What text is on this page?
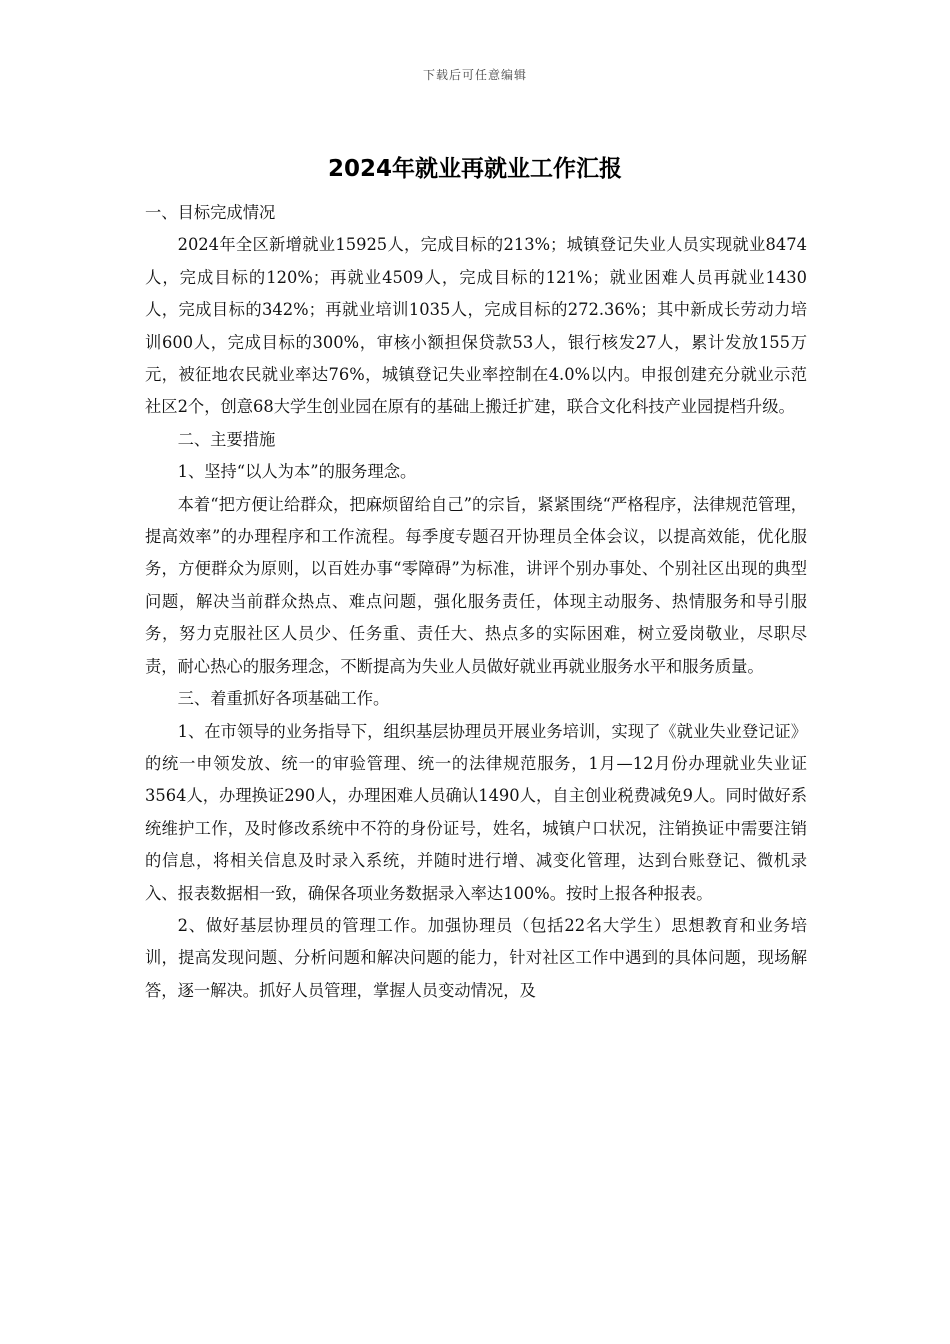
下载后可任意编辑
2024年就业再就业工作汇报

一、目标完成情况

2024年全区新增就业15925人，完成目标的213%；城镇登记失业人员实现就业8474人，完成目标的120%；再就业4509人，完成目标的121%；就业困难人员再就业1430人，完成目标的342%；再就业培训1035人，完成目标的272.36%；其中新成长劳动力培训600人，完成目标的300%，审核小额担保贷款53人，银行核发27人，累计发放155万元，被征地农民就业率达76%，城镇登记失业率控制在4.0%以内。申报创建充分就业示范社区2个，创意68大学生创业园在原有的基础上搬迁扩建，联合文化科技产业园提档升级。

二、主要措施

1、坚持“以人为本”的服务理念。

本着“把方便让给群众，把麻烦留给自己”的宗旨，紧紧围绕“严格程序，法律规范管理，提高效率”的办理程序和工作流程。每季度专题召开协理员全体会议，以提高效能，优化服务，方便群众为原则，以百姓办事“零障碍”为标准，讲评个别办事处、个别社区出现的典型问题，解决当前群众热点、难点问题，强化服务责任，体现主动服务、热情服务和导引服务，努力克服社区人员少、任务重、责任大、热点多的实际困难，树立爱岗敬业，尽职尽责，耐心热心的服务理念，不断提高为失业人员做好就业再就业服务水平和服务质量。

三、着重抓好各项基础工作。

1、在市领导的业务指导下，组织基层协理员开展业务培训，实现了《就业失业登记证》的统一申领发放、统一的审验管理、统一的法律规范服务，1月—12月份办理就业失业证3564人，办理换证290人，办理困难人员确认1490人，自主创业税费减免9人。同时做好系统维护工作，及时修改系统中不符的身份证号，姓名，城镇户口状况，注销换证中需要注销的信息，将相关信息及时录入系统，并随时进行增、减变化管理，达到台账登记、微机录入、报表数据相一致，确保各项业务数据录入率达100%。按时上报各种报表。

2、做好基层协理员的管理工作。加强协理员（包括22名大学生）思想教育和业务培训，提高发现问题、分析问题和解决问题的能力，针对社区工作中遇到的具体问题，现场解答，逐一解决。抓好人员管理，掌握人员变动情况，及
